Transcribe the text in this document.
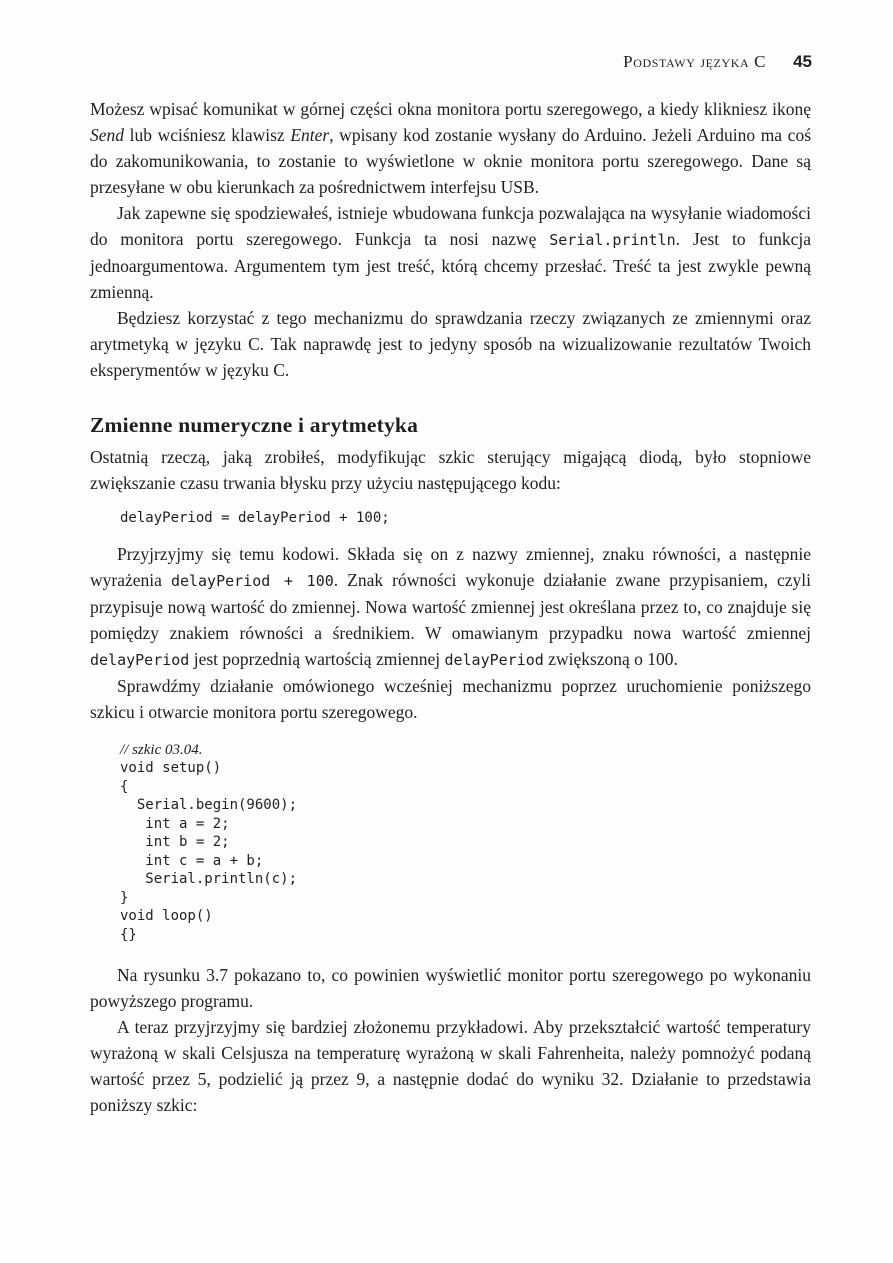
Podstawy języka C 45

Możesz wpisać komunikat w górnej części okna monitora portu szeregowego, a kiedy klikniesz ikonę Send lub wciśniesz klawisz Enter, wpisany kod zostanie wysłany do Arduino. Jeżeli Arduino ma coś do zakomunikowania, to zostanie to wyświetlone w oknie monitora portu szeregowego. Dane są przesyłane w obu kierunkach za pośrednictwem interfejsu USB.

Jak zapewne się spodziewałeś, istnieje wbudowana funkcja pozwalająca na wysyłanie wiadomości do monitora portu szeregowego. Funkcja ta nosi nazwę Serial.println. Jest to funkcja jednoargumentowa. Argumentem tym jest treść, którą chcemy przesłać. Treść ta jest zwykle pewną zmienną.

Będziesz korzystać z tego mechanizmu do sprawdzania rzeczy związanych ze zmiennymi oraz arytmetyką w języku C. Tak naprawdę jest to jedyny sposób na wizualizowanie rezultatów Twoich eksperymentów w języku C.

Zmienne numeryczne i arytmetyka

Ostatnią rzeczą, jaką zrobiłeś, modyfikując szkic sterujący migającą diodą, było stopniowe zwiększanie czasu trwania błysku przy użyciu następującego kodu:

delayPeriod = delayPeriod + 100;

Przyjrzyjmy się temu kodowi. Składa się on z nazwy zmiennej, znaku równości, a następnie wyrażenia delayPeriod + 100. Znak równości wykonuje działanie zwane przypisaniem, czyli przypisuje nową wartość do zmiennej. Nowa wartość zmiennej jest określana przez to, co znajduje się pomiędzy znakiem równości a średnikiem. W omawianym przypadku nowa wartość zmiennej delayPeriod jest poprzednią wartością zmiennej delayPeriod zwiększoną o 100.

Sprawdźmy działanie omówionego wcześniej mechanizmu poprzez uruchomienie poniższego szkicu i otwarcie monitora portu szeregowego.

// szkic 03.04.
void setup()
{
Serial.begin(9600);
int a = 2;
int b = 2;
int c = a + b;
Serial.println(c);
}
void loop()
{}

Na rysunku 3.7 pokazano to, co powinien wyświetlić monitor portu szeregowego po wykonaniu powyższego programu.

A teraz przyjrzyjmy się bardziej złożonemu przykładowi. Aby przekształcić wartość temperatury wyrażoną w skali Celsjusza na temperaturę wyrażoną w skali Fahrenheita, należy pomnożyć podaną wartość przez 5, podzielić ją przez 9, a następnie dodać do wyniku 32. Działanie to przedstawia poniższy szkic:
